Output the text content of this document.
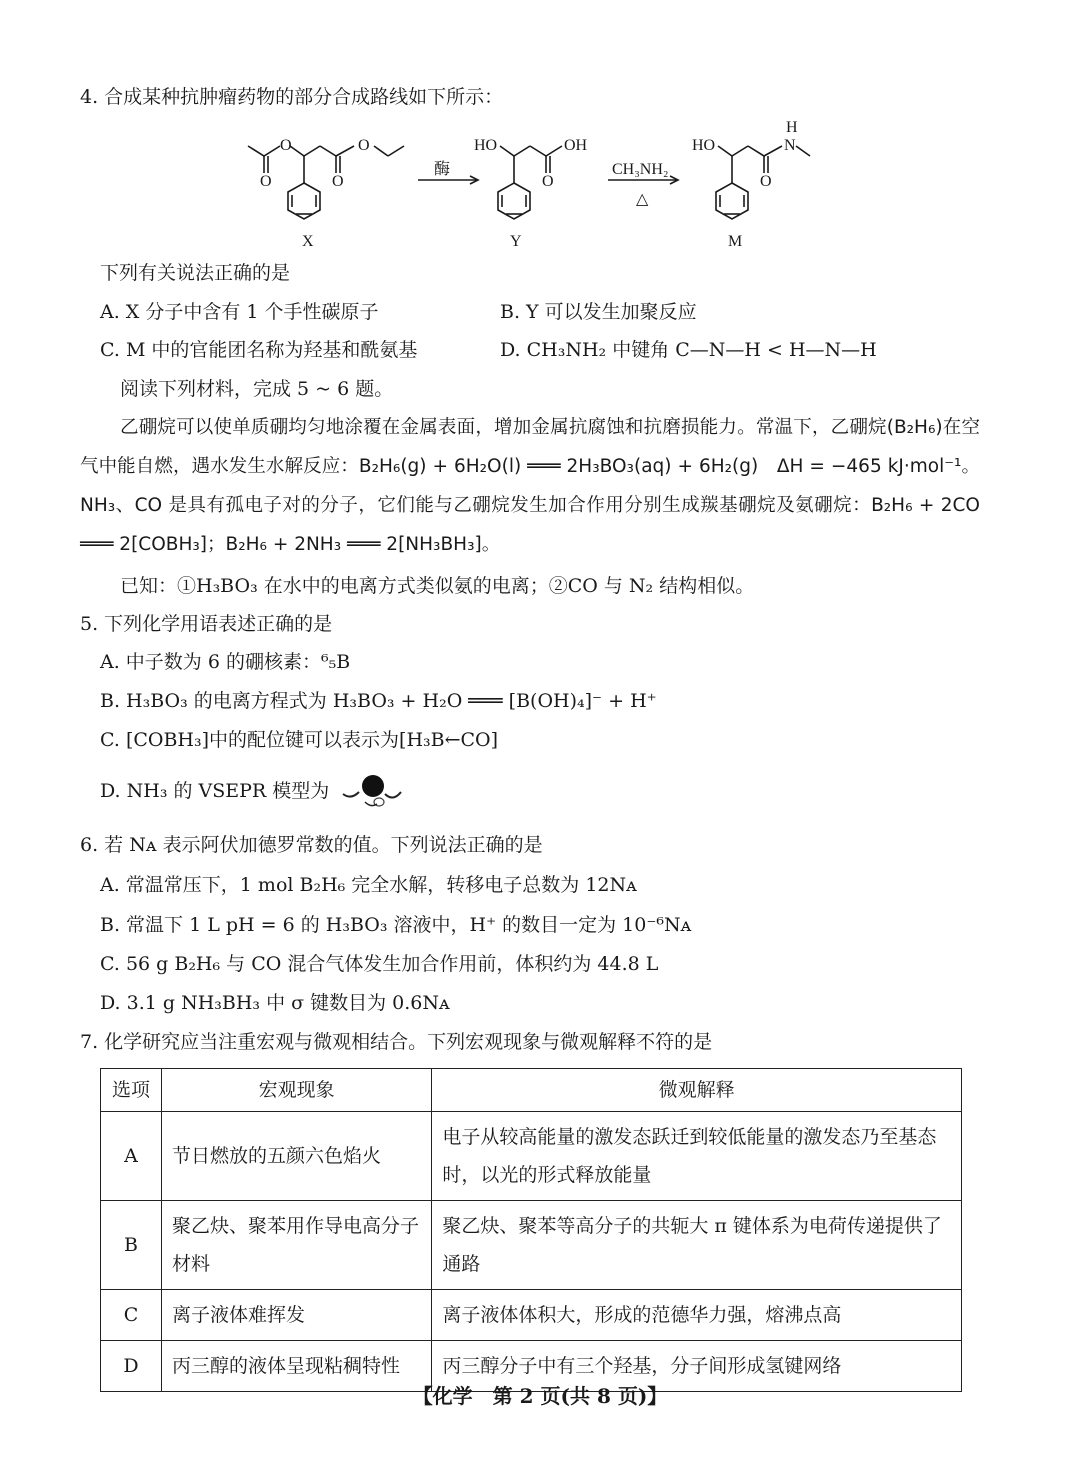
4. 合成某种抗肿瘤药物的部分合成路线如下所示：
O
O
O
O
X
酶
HO
O
OH
Y
CH₃NH₂
△
HO
O
H
N
M
下列有关说法正确的是
A. X 分子中含有 1 个手性碳原子	B. Y 可以发生加聚反应
C. M 中的官能团名称为羟基和酰氨基	D. CH₃NH₂ 中键角 C—N—H < H—N—H
阅读下列材料，完成 5 ~ 6 题。
乙硼烷可以使单质硼均匀地涂覆在金属表面，增加金属抗腐蚀和抗磨损能力。常温下，乙硼烷(B₂H₆)在空气中能自燃，遇水发生水解反应：B₂H₆(g) + 6H₂O(l) ═══ 2H₃BO₃(aq) + 6H₂(g)　ΔH = −465 kJ·mol⁻¹。NH₃、CO 是具有孤电子对的分子，它们能与乙硼烷发生加合作用分别生成羰基硼烷及氨硼烷：B₂H₆ + 2CO ═══ 2[COBH₃]；B₂H₆ + 2NH₃ ═══ 2[NH₃BH₃]。
已知：①H₃BO₃ 在水中的电离方式类似氨的电离；②CO 与 N₂ 结构相似。
5. 下列化学用语表述正确的是
A. 中子数为 6 的硼核素：⁶₅B
B. H₃BO₃ 的电离方程式为 H₃BO₃ + H₂O ═══ [B(OH)₄]⁻ + H⁺
C. [COBH₃]中的配位键可以表示为[H₃B←CO]
D. NH₃ 的 VSEPR 模型为
6. 若 Nᴀ 表示阿伏加德罗常数的值。下列说法正确的是
A. 常温常压下，1 mol B₂H₆ 完全水解，转移电子总数为 12Nᴀ
B. 常温下 1 L pH = 6 的 H₃BO₃ 溶液中，H⁺ 的数目一定为 10⁻⁶Nᴀ
C. 56 g B₂H₆ 与 CO 混合气体发生加合作用前，体积约为 44.8 L
D. 3.1 g NH₃BH₃ 中 σ 键数目为 0.6Nᴀ
7. 化学研究应当注重宏观与微观相结合。下列宏观现象与微观解释不符的是
选项	宏观现象	微观解释
A	节日燃放的五颜六色焰火	电子从较高能量的激发态跃迁到较低能量的激发态乃至基态时，以光的形式释放能量
B	聚乙炔、聚苯用作导电高分子材料	聚乙炔、聚苯等高分子的共轭大 π 键体系为电荷传递提供了通路
C	离子液体难挥发	离子液体体积大，形成的范德华力强，熔沸点高
D	丙三醇的液体呈现粘稠特性	丙三醇分子中有三个羟基，分子间形成氢键网络
【化学　第 2 页(共 8 页)】
